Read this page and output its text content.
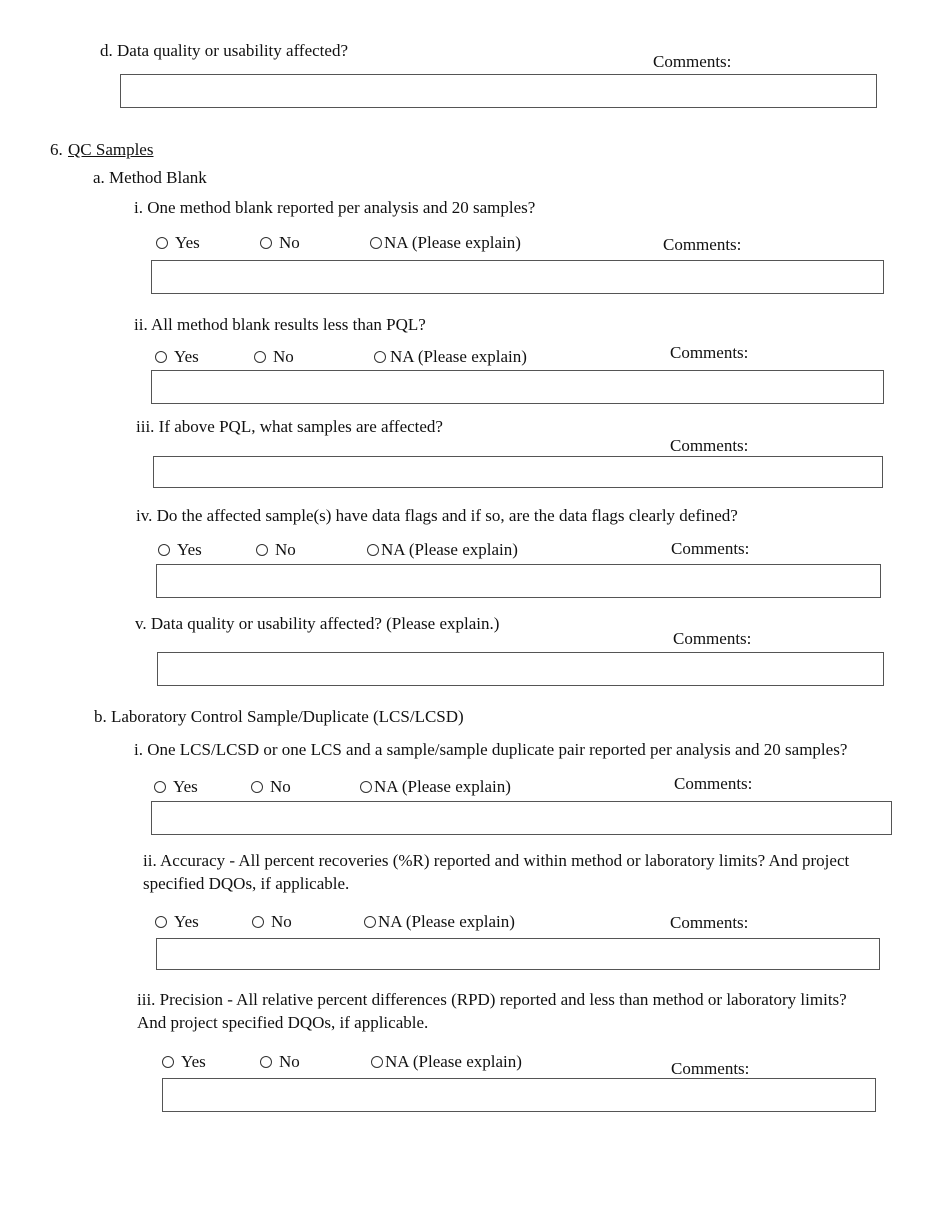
d. Data quality or usability affected?
Comments:
6. QC Samples
a. Method Blank
i. One method blank reported per analysis and 20 samples?
Yes	No	NA (Please explain)	Comments:
ii. All method blank results less than PQL?
Yes	No	NA (Please explain)	Comments:
iii. If above PQL, what samples are affected?
Comments:
iv. Do the affected sample(s) have data flags and if so, are the data flags clearly defined?
Yes	No	NA (Please explain)	Comments:
v. Data quality or usability affected? (Please explain.)
Comments:
b. Laboratory Control Sample/Duplicate (LCS/LCSD)
i. One LCS/LCSD or one LCS and a sample/sample duplicate pair reported per analysis and 20 samples?
Yes	No	NA (Please explain)	Comments:
ii. Accuracy - All percent recoveries (%R) reported and within method or laboratory limits? And project specified DQOs, if applicable.
Yes	No	NA (Please explain)	Comments:
iii. Precision - All relative percent differences (RPD) reported and less than method or laboratory limits? And project specified DQOs, if applicable.
Yes	No	NA (Please explain)	Comments:
